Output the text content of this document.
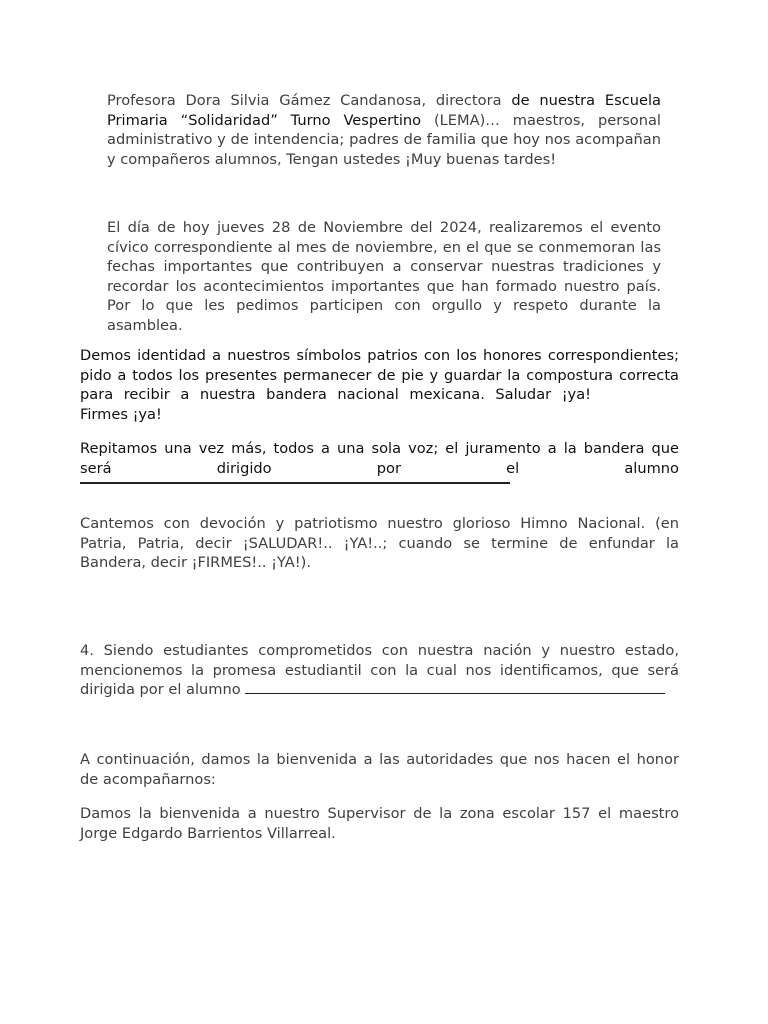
Profesora Dora Silvia Gámez Candanosa, directora de nuestra Escuela Primaria “Solidaridad” Turno Vespertino (LEMA)… maestros, personal administrativo y de intendencia; padres de familia que hoy nos acompañan y compañeros alumnos, Tengan ustedes ¡Muy buenas tardes!

El día de hoy jueves 28 de Noviembre del 2024, realizaremos el evento cívico correspondiente al mes de noviembre, en el que se conmemoran las fechas importantes que contribuyen a conservar nuestras tradiciones y recordar los acontecimientos importantes que han formado nuestro país. Por lo que les pedimos participen con orgullo y respeto durante la asamblea.

Demos identidad a nuestros símbolos patrios con los honores correspondientes; pido a todos los presentes permanecer de pie y guardar la compostura correcta para recibir a nuestra bandera nacional mexicana. Saludar ¡ya!Firmes ¡ya!

Repitamos una vez más, todos a una sola voz; el juramento a la bandera que
será dirigido por el alumno

Cantemos con devoción y patriotismo nuestro glorioso Himno Nacional. (en Patria, Patria, decir ¡SALUDAR!.. ¡YA!..; cuando se termine de enfundar la Bandera, decir ¡FIRMES!.. ¡YA!).

4. Siendo estudiantes comprometidos con nuestra nación y nuestro estado, mencionemos la promesa estudiantil con la cual nos identificamos, que será dirigida por el alumno

A continuación, damos la bienvenida a las autoridades que nos hacen el honor de acompañarnos:

Damos la bienvenida a nuestro Supervisor de la zona escolar 157 el maestro Jorge Edgardo Barrientos Villarreal.
